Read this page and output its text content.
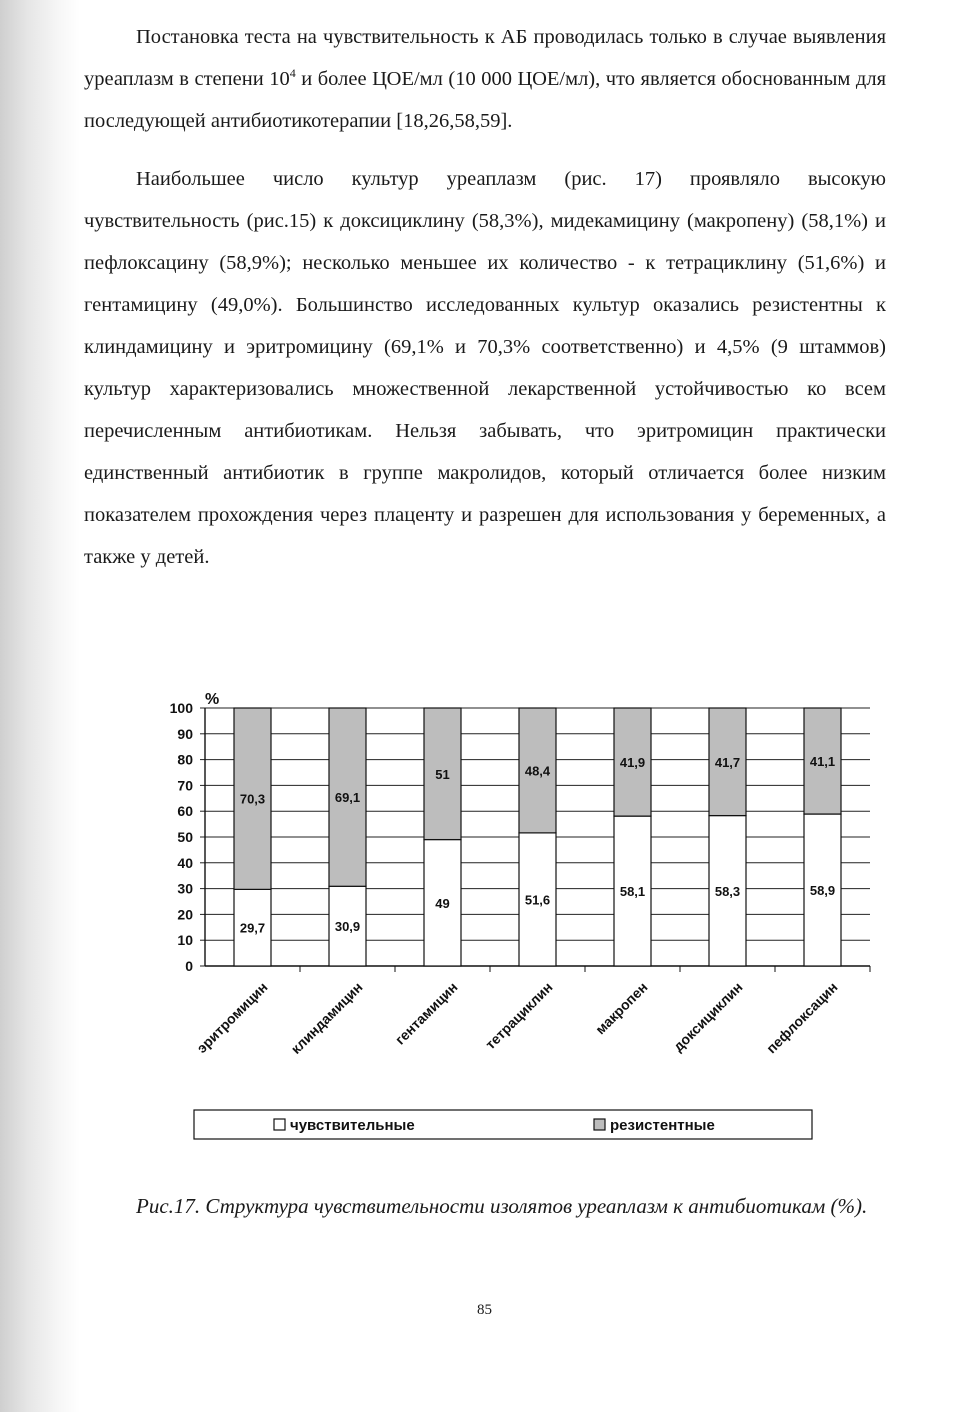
Постановка теста на чувствительность к АБ проводилась только в случае выявления уреаплазм в степени $10^4$ и более ЦОЕ/мл (10 000 ЦОЕ/мл), что является обоснованным для последующей антибиотикотерапии [18,26,58,59].

Наибольшее число культур уреаплазм (рис. 17) проявляло высокую чувствительность (рис.15) к доксициклину (58,3%), мидекамицину (макропену) (58,1%) и пефлоксацину (58,9%); несколько меньшее их количество - к тетрациклину (51,6%) и гентамицину (49,0%). Большинство исследованных культур оказались резистентны к клиндамицину и эритромицину (69,1% и 70,3% соответственно) и 4,5% (9 штаммов) культур характеризовались множественной лекарственной устойчивостью ко всем перечисленным антибиотикам. Нельзя забывать, что эритромицин практически единственный антибиотик в группе макролидов, который отличается более низким показателем прохождения через плаценту и разрешен для использования у беременных, а также у детей.

0
10
20
30
40
50
60
70
80
90
100 %
29,7
70,3
эритромицин
30,9
69,1
клиндамицин
49
51
гентамицин
51,6
48,4
тетрациклин
58,1
41,9
макропен
58,3
41,7
доксициклин
58,9
41,1
пефлоксацин
чувствительные	резистентные

Рис.17. Структура чувствительности изолятов уреаплазм к антибиотикам (%).

85
